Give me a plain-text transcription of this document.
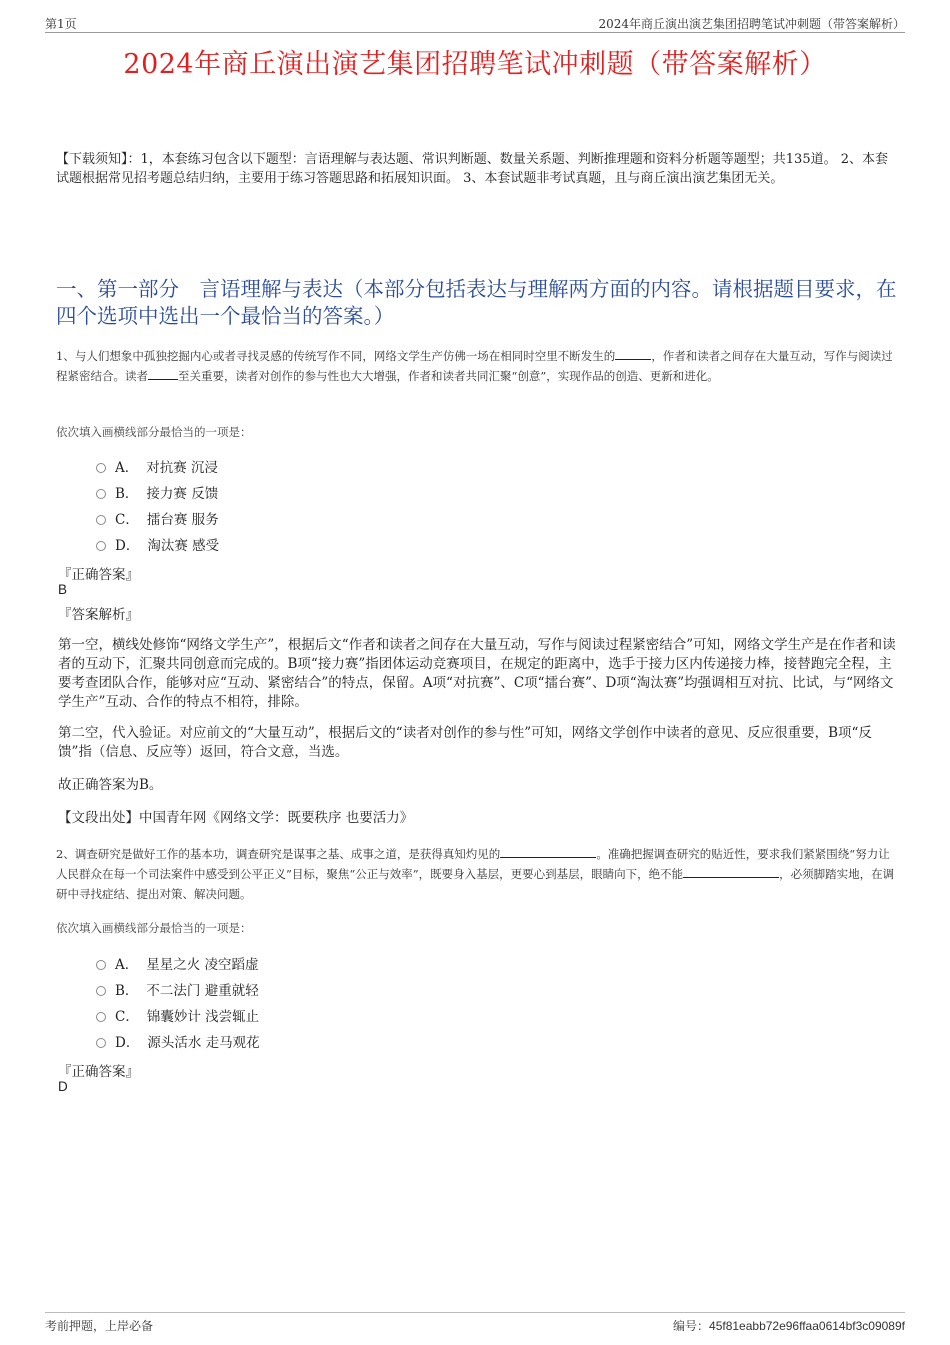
第1页	2024年商丘演出演艺集团招聘笔试冲刺题（带答案解析）
2024年商丘演出演艺集团招聘笔试冲刺题（带答案解析）
【下载须知】：1，本套练习包含以下题型：言语理解与表达题、常识判断题、数量关系题、判断推理题和资料分析题等题型；共135道。 2、本套试题根据常见招考题总结归纳，主要用于练习答题思路和拓展知识面。 3、本套试题非考试真题，且与商丘演出演艺集团无关。
一、第一部分　言语理解与表达（本部分包括表达与理解两方面的内容。请根据题目要求，在四个选项中选出一个最恰当的答案。）
1、与人们想象中孤独挖掘内心或者寻找灵感的传统写作不同，网络文学生产仿佛一场在相同时空里不断发生的	，作者和读者之间存在大量互动，写作与阅读过程紧密结合。读者	至关重要，读者对创作的参与性也大大增强，作者和读者共同汇聚“创意”，实现作品的创造、更新和进化。
依次填入画横线部分最恰当的一项是：
A． 对抗赛 沉浸
B． 接力赛 反馈
C． 擂台赛 服务
D． 淘汰赛 感受
『正确答案』
B
『答案解析』
第一空，横线处修饰“网络文学生产”，根据后文“作者和读者之间存在大量互动，写作与阅读过程紧密结合”可知，网络文学生产是在作者和读者的互动下，汇聚共同创意而完成的。B项“接力赛”指团体运动竞赛项目，在规定的距离中，选手于接力区内传递接力棒，接替跑完全程，主要考查团队合作，能够对应“互动、紧密结合”的特点，保留。A项“对抗赛”、C项“擂台赛”、D项“淘汰赛”均强调相互对抗、比试，与“网络文学生产”互动、合作的特点不相符，排除。
第二空，代入验证。对应前文的“大量互动”，根据后文的“读者对创作的参与性”可知，网络文学创作中读者的意见、反应很重要，B项“反馈”指（信息、反应等）返回，符合文意，当选。
故正确答案为B。
【文段出处】中国青年网《网络文学：既要秩序 也要活力》
2、调查研究是做好工作的基本功，调查研究是谋事之基、成事之道，是获得真知灼见的	。准确把握调查研究的贴近性，要求我们紧紧围绕“努力让人民群众在每一个司法案件中感受到公平正义”目标，聚焦“公正与效率”，既要身入基层，更要心到基层，眼睛向下，绝不能	，必须脚踏实地，在调研中寻找症结、提出对策、解决问题。
依次填入画横线部分最恰当的一项是：
A． 星星之火 凌空蹈虚
B． 不二法门 避重就轻
C． 锦囊妙计 浅尝辄止
D． 源头活水 走马观花
『正确答案』
D
考前押题，上岸必备	编号：45f81eabb72e96ffaa0614bf3c09089f
